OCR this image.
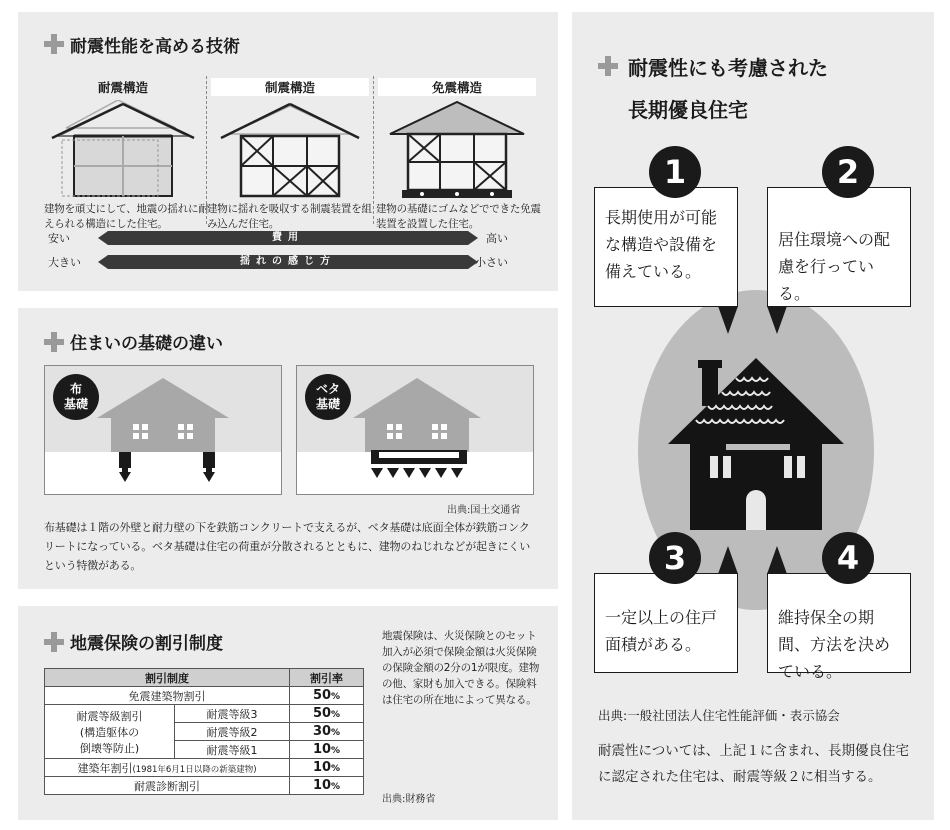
耐震性能を高める技術
耐震構造
建物を頑丈にして、地震の揺れに耐えられる構造にした住宅。
制震構造
建物に揺れを吸収する制震装置を組み込んだ住宅。
免震構造
建物の基礎にゴムなどでできた免震装置を設置した住宅。
安い	費用	高い
大きい	揺れの感じ方	小さい
住まいの基礎の違い
布
基礎
ベタ
基礎
出典:国土交通省
布基礎は１階の外壁と耐力壁の下を鉄筋コンクリートで支えるが、ベタ基礎は底面全体が鉄筋コンクリートになっている。ベタ基礎は住宅の荷重が分散されるとともに、建物のねじれなどが起きにくいという特徴がある。
地震保険の割引制度
割引制度		割引率
免震建築物割引		50%

耐震等級割引
(構造躯体の
倒壊等防止)	耐震等級3	50%
	耐震等級2	30%
	耐震等級1	10%
建築年割引(1981年6月1日以降の新築建物)		10%
耐震診断割引		10%
地震保険は、火災保険とのセット加入が必須で保険金額は火災保険の保険金額の2分の1が限度。建物の他、家財も加入できる。保険料は住宅の所在地によって異なる。
出典:財務省
耐震性にも考慮された
長期優良住宅
長期使用が可能な構造や設備を備えている。
1
居住環境への配慮を行っている。
2
一定以上の住戸面積がある。
3
維持保全の期間、方法を決めている。
4
出典:一般社団法人住宅性能評価・表示協会
耐震性については、上記１に含まれ、長期優良住宅に認定された住宅は、耐震等級２に相当する。
